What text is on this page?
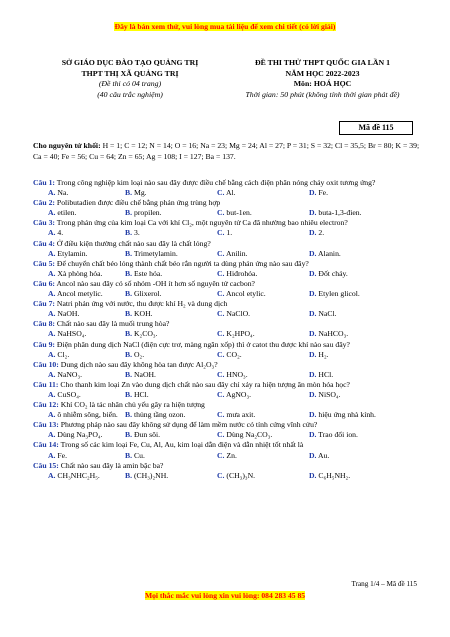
Đây là bản xem thử, vui lòng mua tài liệu để xem chi tiết (có lời giải)
SỞ GIÁO DỤC ĐÀO TẠO QUẢNG TRỊ
THPT THỊ XÃ QUẢNG TRỊ
(Đề thi có 04 trang)
(40 câu trắc nghiệm)
ĐỀ THI THỬ THPT QUỐC GIA LẦN 1
NĂM HỌC 2022-2023
Môn: HOÁ HỌC
Thời gian: 50 phút (không tính thời gian phát đề)
Mã đề 115
Cho nguyên tử khối: H = 1; C = 12; N = 14; O = 16; Na = 23; Mg = 24; Al = 27; P = 31; S = 32; Cl = 35,5; Br = 80; K = 39; Ca = 40; Fe = 56; Cu = 64; Zn = 65; Ag = 108; I = 127; Ba = 137.
Câu 1: Trong công nghiệp kim loại nào sau đây được điều chế bằng cách điện phân nóng chảy oxit tương ứng?
A. Na.	B. Mg.	C. Al.	D. Fe.
Câu 2: Polibutađien được điều chế bằng phản ứng trùng hợp
A. etilen.	B. propilen.	C. but-1en.	D. buta-1,3-đien.
Câu 3: Trong phản ứng của kim loại Ca với khí Cl₂, một nguyên tử Ca đã nhường bao nhiêu electron?
A. 4.	B. 3.	C. 1.	D. 2.
Câu 4: Ở điều kiện thường chất nào sau đây là chất lỏng?
A. Etylamin.	B. Trimetylamin.	C. Anilin.	D. Alanin.
Câu 5: Để chuyển chất béo lỏng thành chất béo rắn người ta dùng phản ứng nào sau đây?
A. Xà phòng hóa.	B. Este hóa.	C. Hiđrohóa.	D. Đốt cháy.
Câu 6: Ancol nào sau đây có số nhóm -OH ít hơn số nguyên tử cacbon?
A. Ancol metylic.	B. Glixerol.	C. Ancol etylic.	D. Etylen glicol.
Câu 7: Natri phản ứng với nước, thu được khí H₂ và dung dịch
A. NaOH.	B. KOH.	C. NaClO.	D. NaCl.
Câu 8: Chất nào sau đây là muối trung hòa?
A. NaHSO₄.	B. K₂CO₃.	C. K₂HPO₄.	D. NaHCO₃.
Câu 9: Điện phân dung dịch NaCl (điện cực trơ, màng ngăn xốp) thì ở catot thu được khí nào sau đây?
A. Cl₂.	B. O₂.	C. CO₂.	D. H₂.
Câu 10: Dung dịch nào sau đây không hòa tan được Al₂O₃?
A. NaNO₃.	B. NaOH.	C. HNO₃.	D. HCl.
Câu 11: Cho thanh kim loại Zn vào dung dịch chất nào sau đây chỉ xảy ra hiện tượng ăn mòn hóa học?
A. CuSO₄.	B. HCl.	C. AgNO₃.	D. NiSO₄.
Câu 12: Khí CO₂ là tác nhân chủ yếu gây ra hiện tượng
A. ô nhiễm sông, biển. B. thủng tầng ozon.	C. mưa axit.	D. hiệu ứng nhà kính.
Câu 13: Phương pháp nào sau đây không sử dụng để làm mềm nước có tính cứng vĩnh cửu?
A. Dùng Na₃PO₄.	B. Đun sôi.	C. Dùng Na₂CO₃.	D. Trao đổi ion.
Câu 14: Trong số các kim loại Fe, Cu, Al, Au, kim loại dẫn điện và dẫn nhiệt tốt nhất là
A. Fe.	B. Cu.	C. Zn.	D. Au.
Câu 15: Chất nào sau đây là amin bậc ba?
A. CH₃NHC₂H₅.	B. (CH₃)₂NH.	C. (CH₃)₃N.	D. C₆H₅NH₂.
Trang 1/4 – Mã đề 115
Mọi thắc mắc vui lòng xin vui lòng: 084 283 45 85
